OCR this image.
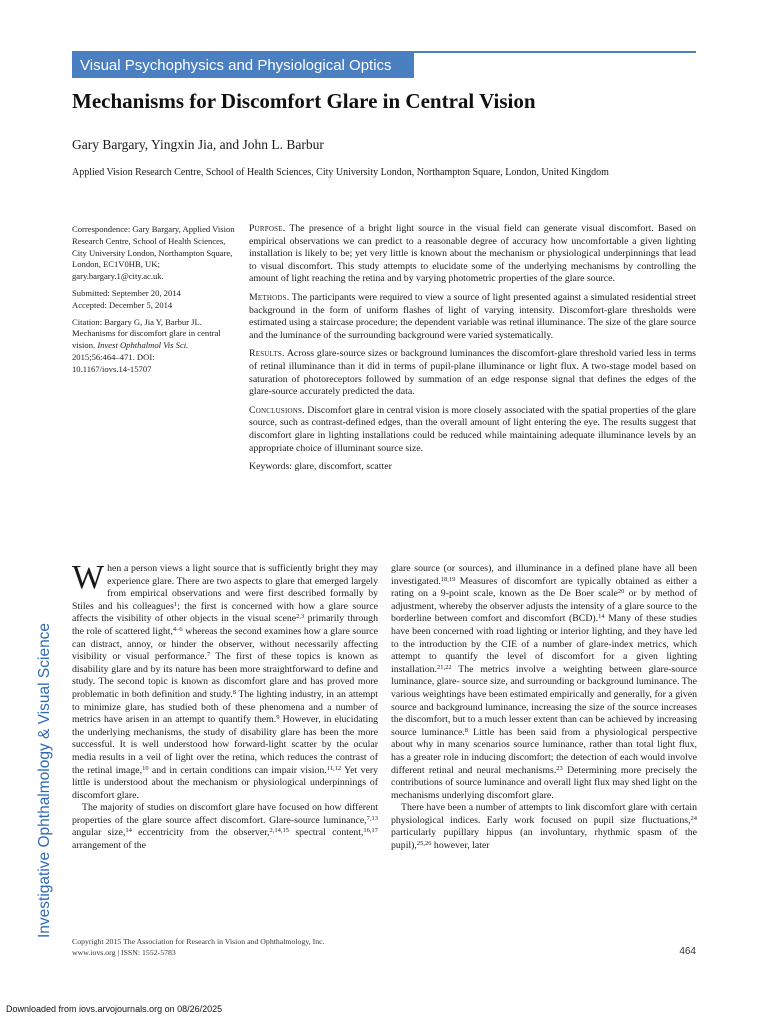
Visual Psychophysics and Physiological Optics
Mechanisms for Discomfort Glare in Central Vision
Gary Bargary, Yingxin Jia, and John L. Barbur
Applied Vision Research Centre, School of Health Sciences, City University London, Northampton Square, London, United Kingdom

Correspondence: Gary Bargary, Applied Vision Research Centre, School of Health Sciences, City University London, Northampton Square, London, EC1V0HB, UK; gary.bargary.1@city.ac.uk.

Submitted: September 20, 2014

Accepted: December 5, 2014

Citation: Bargary G, Jia Y, Barbur JL. Mechanisms for discomfort glare in central vision. Invest Ophthalmol Vis Sci. 2015;56:464–471. DOI:
10.1167/iovs.14-15707

Purpose. The presence of a bright light source in the visual field can generate visual discomfort. Based on empirical observations we can predict to a reasonable degree of accuracy how uncomfortable a given lighting installation is likely to be; yet very little is known about the mechanism or physiological underpinnings that lead to visual discomfort. This study attempts to elucidate some of the underlying mechanisms by controlling the amount of light reaching the retina and by varying photometric properties of the glare source.

Methods. The participants were required to view a source of light presented against a simulated residential street background in the form of uniform flashes of light of varying intensity. Discomfort-glare thresholds were estimated using a staircase procedure; the dependent variable was retinal illuminance. The size of the glare source and the luminance of the surrounding background were varied systematically.

Results. Across glare-source sizes or background luminances the discomfort-glare threshold varied less in terms of retinal illuminance than it did in terms of pupil-plane illuminance or light flux. A two-stage model based on saturation of photoreceptors followed by summation of an edge response signal that defines the edges of the glare-source accurately predicted the data.

Conclusions. Discomfort glare in central vision is more closely associated with the spatial properties of the glare source, such as contrast-defined edges, than the overall amount of light entering the eye. The results suggest that discomfort glare in lighting installations could be reduced while maintaining adequate illuminance levels by an appropriate choice of illuminant source size.

Keywords: glare, discomfort, scatter

When a person views a light source that is sufficiently bright they may experience glare. There are two aspects to glare that emerged largely from empirical observations and were first described formally by Stiles and his colleagues$^1$; the first is concerned with how a glare source affects the visibility of other objects in the visual scene$^{2,3}$ primarily through the role of scattered light,$^{4-6}$ whereas the second examines how a glare source can distract, annoy, or hinder the observer, without necessarily affecting visibility or visual performance.$^7$ The first of these topics is known as disability glare and by its nature has been more straightforward to define and study. The second topic is known as discomfort glare and has proved more problematic in both definition and study.$^8$ The lighting industry, in an attempt to minimize glare, has studied both of these phenomena and a number of metrics have arisen in an attempt to quantify them.$^9$ However, in elucidating the underlying mechanisms, the study of disability glare has been the more successful. It is well understood how forward-light scatter by the ocular media results in a veil of light over the retina, which reduces the contrast of the retinal image,$^{10}$ and in certain conditions can impair vision.$^{11,12}$ Yet very little is understood about the mechanism or physiological underpinnings of discomfort glare.

The majority of studies on discomfort glare have focused on how different properties of the glare source affect discomfort. Glare-source luminance,$^{7,13}$ angular size,$^{14}$ eccentricity from the observer,$^{2,14,15}$ spectral content,$^{16,17}$ arrangement of the

glare source (or sources), and illuminance in a defined plane have all been investigated.$^{18,19}$ Measures of discomfort are typically obtained as either a rating on a 9-point scale, known as the De Boer scale$^{20}$ or by method of adjustment, whereby the observer adjusts the intensity of a glare source to the borderline between comfort and discomfort (BCD).$^{14}$ Many of these studies have been concerned with road lighting or interior lighting, and they have led to the introduction by the CIE of a number of glare-index metrics, which attempt to quantify the level of discomfort for a given lighting installation.$^{21,22}$ The metrics involve a weighting between glare-source luminance, glare- source size, and surrounding or background luminance. The various weightings have been estimated empirically and generally, for a given source and background luminance, increasing the size of the source increases the discomfort, but to a much lesser extent than can be achieved by increasing source luminance.$^8$ Little has been said from a physiological perspective about why in many scenarios source luminance, rather than total light flux, has a greater role in inducing discomfort; the detection of each would involve different retinal and neural mechanisms.$^{23}$ Determining more precisely the contributions of source luminance and overall light flux may shed light on the mechanisms underlying discomfort glare.

There have been a number of attempts to link discomfort glare with certain physiological indices. Early work focused on pupil size fluctuations,$^{24}$ particularly pupillary hippus (an involuntary, rhythmic spasm of the pupil),$^{25,26}$ however, later

Investigative Ophthalmology & Visual Science
Copyright 2015 The Association for Research in Vision and Ophthalmology, Inc.
www.iovs.org | ISSN: 1552-5783	464
Downloaded from iovs.arvojournals.org on 08/26/2025
